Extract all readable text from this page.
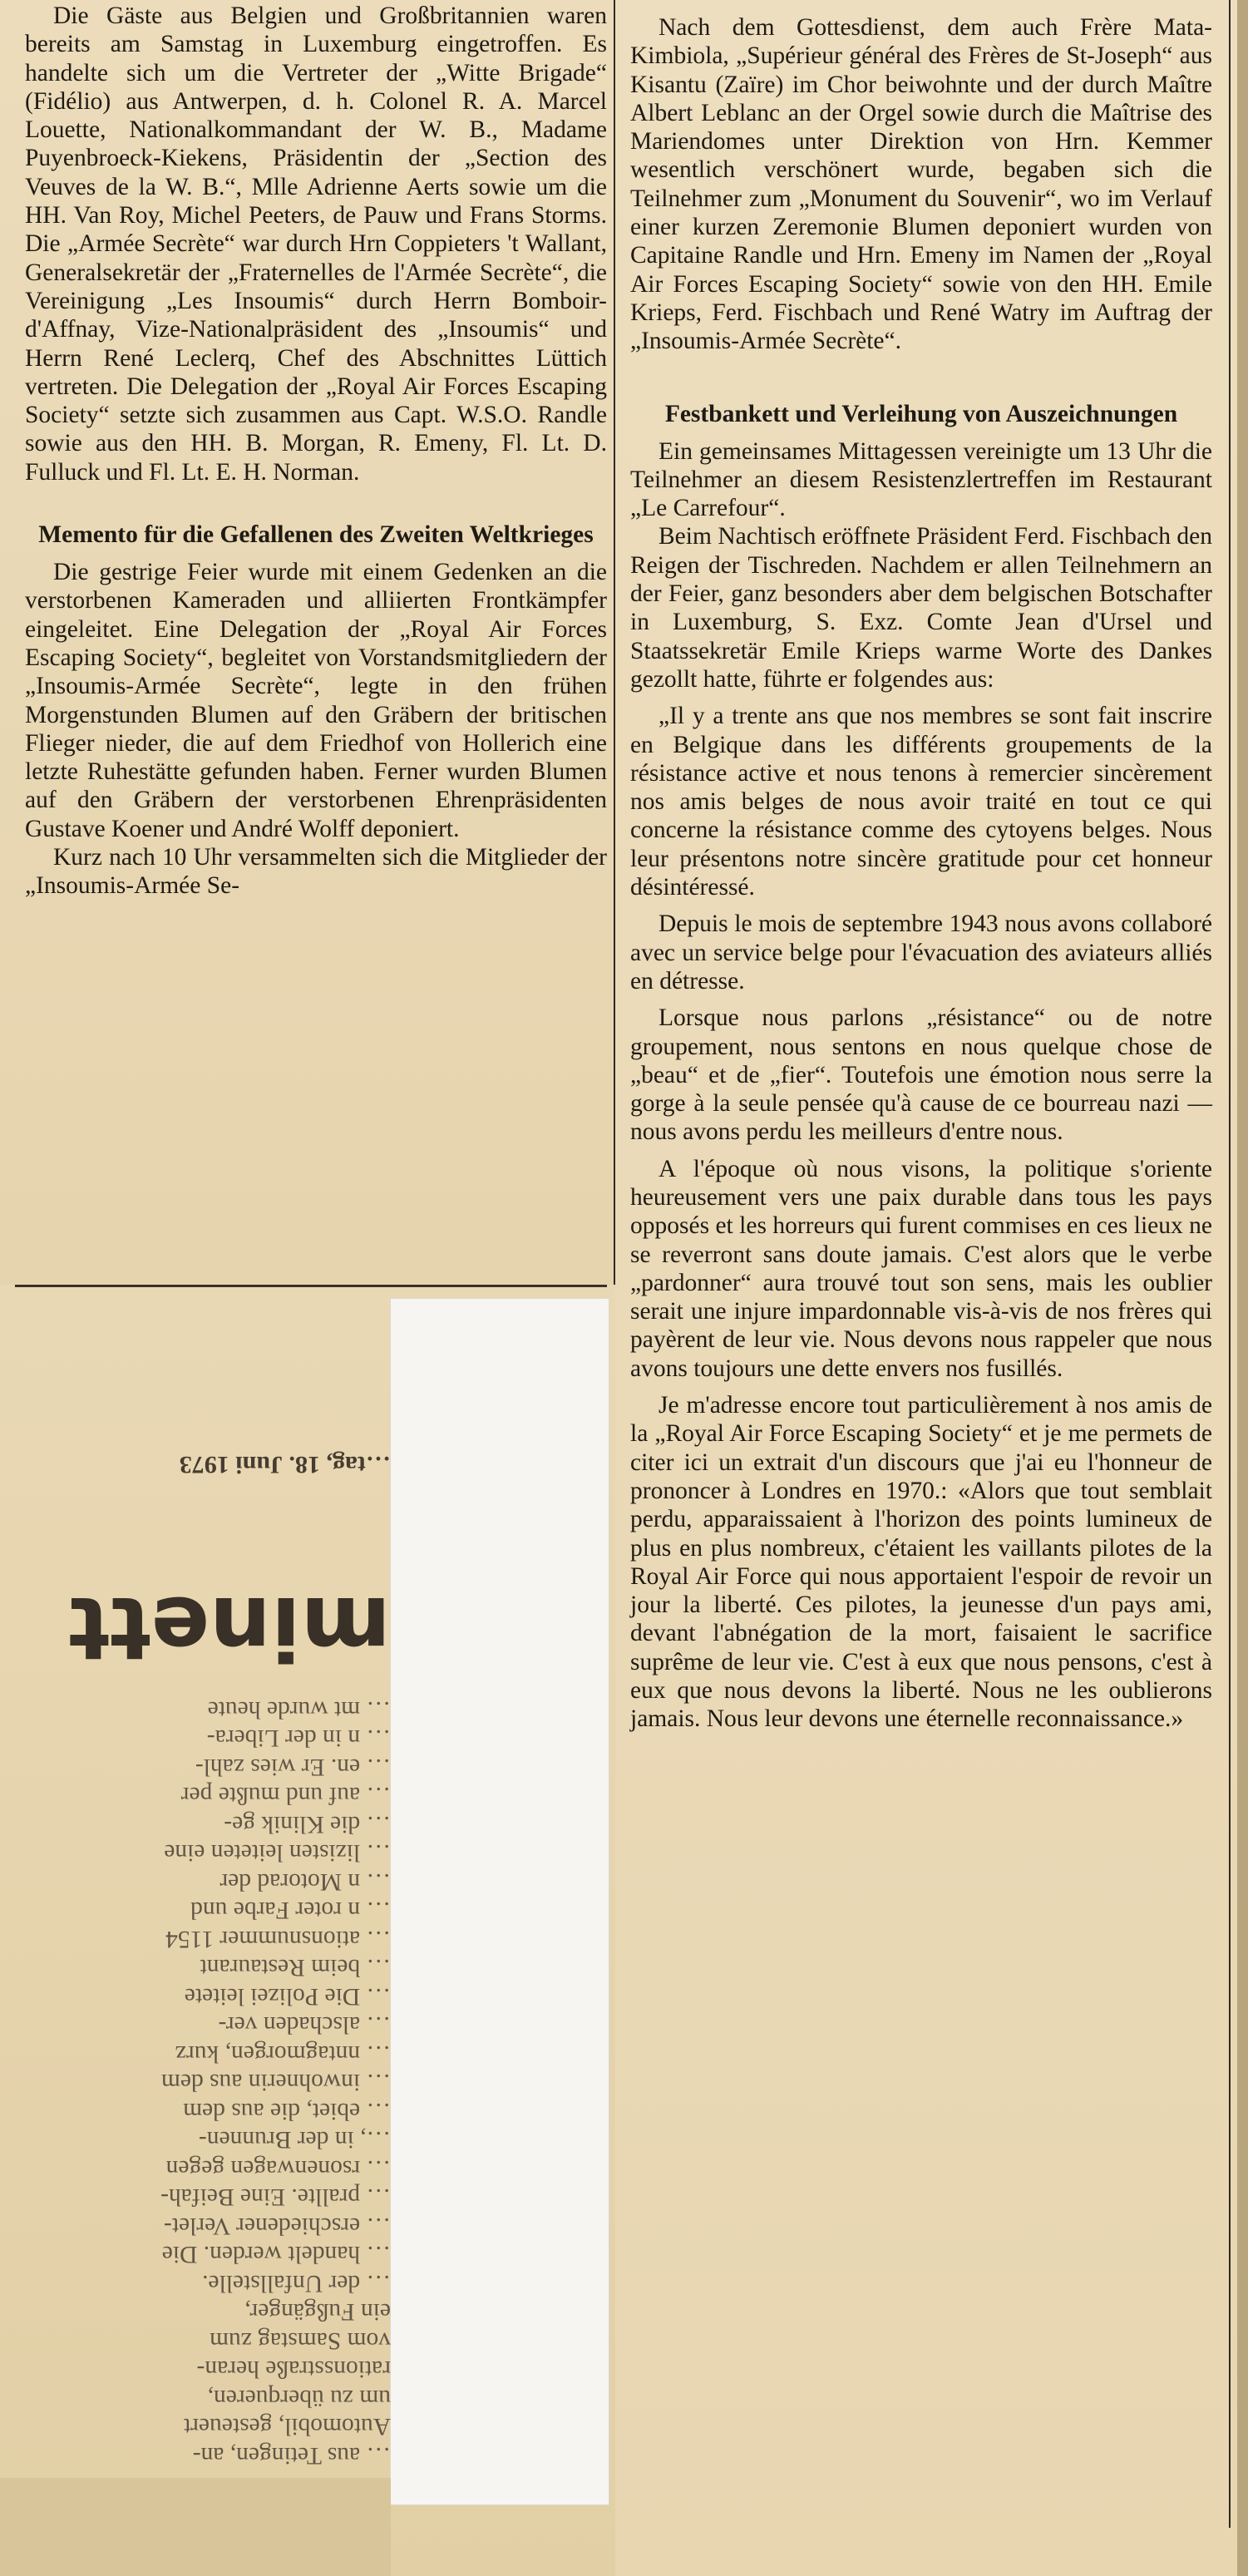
… aus Tetingen, an-

Automobil, gesteuert

um zu überqueren,

rationsstraße heran-

vom Samstag zum

ein Fußgänger,

… der Unfallstelle.

… handelt werden. Die

… erschiedener Verlet-

… prallte. Eine Beifah-

… rsonenwagen gegen

…, in der Brunnen-

… ebiet, die aus dem

… inwohnerin aus dem

… nntagmorgen, kurz

… alschaden ver-

… Die Polizei leitete

… beim Restaurant

… ationsnummer 1154

… n roter Farbe und

… n Motorad der

… lizisten leiteten eine

… die Klinik ge-

… auf und mußte per

… en. Er wies zahl-

… n in der Libera-

… mt wurde heute

minett

…tag, 18. Juni 1973

Die Gäste aus Belgien und Großbritannien waren bereits am Samstag in Luxemburg eingetroffen. Es handelte sich um die Vertreter der „Witte Brigade“ (Fidélio) aus Antwerpen, d. h. Colonel R. A. Marcel Louette, Nationalkommandant der W. B., Madame Puyenbroeck-Kiekens, Präsidentin der „Section des Veuves de la W. B.“, Mlle Adrienne Aerts sowie um die HH. Van Roy, Michel Peeters, de Pauw und Frans Storms. Die „Armée Secrète“ war durch Hrn Coppieters 't Wallant, Generalsekretär der „Fraternelles de l'Armée Secrète“, die Vereinigung „Les Insoumis“ durch Herrn Bomboir-d'Affnay, Vize-Nationalpräsident des „Insoumis“ und Herrn René Leclerq, Chef des Abschnittes Lüttich vertreten. Die Delegation der „Royal Air Forces Escaping Society“ setzte sich zusammen aus Capt. W.S.O. Randle sowie aus den HH. B. Morgan, R. Emeny, Fl. Lt. D. Fulluck und Fl. Lt. E. H. Norman.

Memento für die Gefallenen des Zweiten Weltkrieges

Die gestrige Feier wurde mit einem Gedenken an die verstorbenen Kameraden und alliierten Frontkämpfer eingeleitet. Eine Delegation der „Royal Air Forces Escaping Society“, begleitet von Vorstandsmitgliedern der „Insoumis-Armée Secrète“, legte in den frühen Morgenstunden Blumen auf den Gräbern der britischen Flieger nieder, die auf dem Friedhof von Hollerich eine letzte Ruhestätte gefunden haben. Ferner wurden Blumen auf den Gräbern der verstorbenen Ehrenpräsidenten Gustave Koener und André Wolff deponiert.

Kurz nach 10 Uhr versammelten sich die Mitglieder der „Insoumis-Armée Se-

Nach dem Gottesdienst, dem auch Frère Mata-Kimbiola, „Supérieur général des Frères de St-Joseph“ aus Kisantu (Zaïre) im Chor beiwohnte und der durch Maître Albert Leblanc an der Orgel sowie durch die Maîtrise des Mariendomes unter Direktion von Hrn. Kemmer wesentlich verschönert wurde, begaben sich die Teilnehmer zum „Monument du Souvenir“, wo im Verlauf einer kurzen Zeremonie Blumen deponiert wurden von Capitaine Randle und Hrn. Emeny im Namen der „Royal Air Forces Escaping Society“ sowie von den HH. Emile Krieps, Ferd. Fischbach und René Watry im Auftrag der „Insoumis-Armée Secrète“.

Festbankett und Verleihung von Auszeichnungen

Ein gemeinsames Mittagessen vereinigte um 13 Uhr die Teilnehmer an diesem Resistenzlertreffen im Restaurant „Le Carrefour“.

Beim Nachtisch eröffnete Präsident Ferd. Fischbach den Reigen der Tischreden. Nachdem er allen Teilnehmern an der Feier, ganz besonders aber dem belgischen Botschafter in Luxemburg, S. Exz. Comte Jean d'Ursel und Staatssekretär Emile Krieps warme Worte des Dankes gezollt hatte, führte er folgendes aus:

„Il y a trente ans que nos membres se sont fait inscrire en Belgique dans les différents groupements de la résistance active et nous tenons à remercier sincèrement nos amis belges de nous avoir traité en tout ce qui concerne la résistance comme des cytoyens belges. Nous leur présentons notre sincère gratitude pour cet honneur désintéressé.

Depuis le mois de septembre 1943 nous avons collaboré avec un service belge pour l'évacuation des aviateurs alliés en détresse.

Lorsque nous parlons „résistance“ ou de notre groupement, nous sentons en nous quelque chose de „beau“ et de „fier“. Toutefois une émotion nous serre la gorge à la seule pensée qu'à cause de ce bourreau nazi — nous avons perdu les meilleurs d'entre nous.

A l'époque où nous visons, la politique s'oriente heureusement vers une paix durable dans tous les pays opposés et les horreurs qui furent commises en ces lieux ne se reverront sans doute jamais. C'est alors que le verbe „pardonner“ aura trouvé tout son sens, mais les oublier serait une injure impardonnable vis-à-vis de nos frères qui payèrent de leur vie. Nous devons nous rappeler que nous avons toujours une dette envers nos fusillés.

Je m'adresse encore tout particulièrement à nos amis de la „Royal Air Force Escaping Society“ et je me permets de citer ici un extrait d'un discours que j'ai eu l'honneur de prononcer à Londres en 1970.: «Alors que tout semblait perdu, apparaissaient à l'horizon des points lumineux de plus en plus nombreux, c'étaient les vaillants pilotes de la Royal Air Force qui nous apportaient l'espoir de revoir un jour la liberté. Ces pilotes, la jeunesse d'un pays ami, devant l'abnégation de la mort, faisaient le sacrifice suprême de leur vie. C'est à eux que nous pensons, c'est à eux que nous devons la liberté. Nous ne les oublierons jamais. Nous leur devons une éternelle reconnaissance.»
